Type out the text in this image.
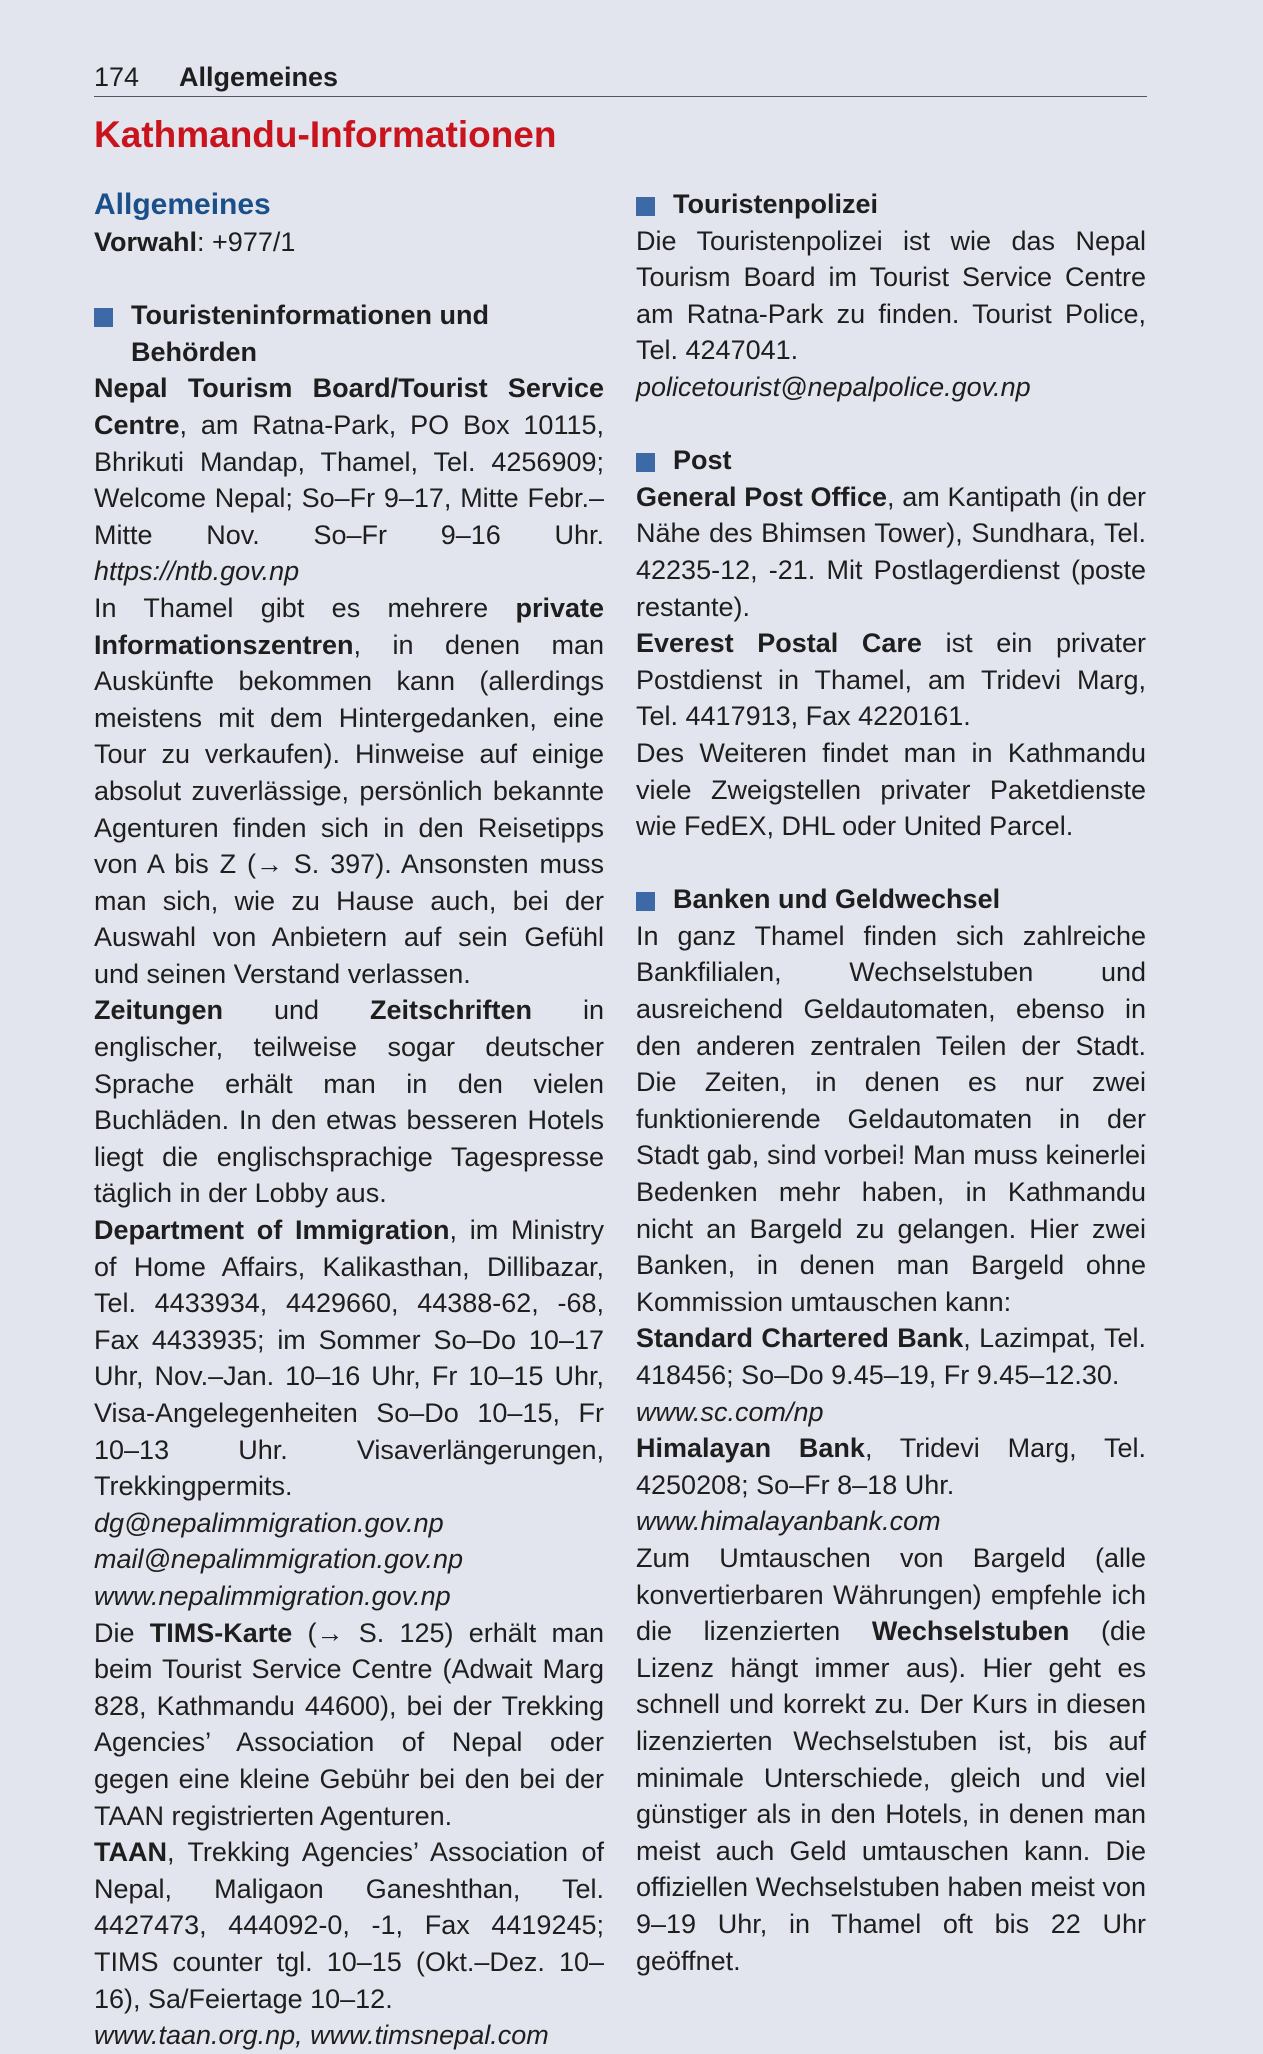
174 Allgemeines
Kathmandu-Informationen

Allgemeines

Vorwahl: +977/1

Touristeninformationen und Behörden

Nepal Tourism Board/Tourist Service Centre, am Ratna-Park, PO Box 10115, Bhrikuti Mandap, Thamel, Tel. 4256909; Welcome Nepal; So–Fr 9–17, Mitte Febr.–Mitte Nov. So–Fr 9–16 Uhr. https://ntb.gov.np

In Thamel gibt es mehrere private Informationszentren, in denen man Auskünfte bekommen kann (allerdings meistens mit dem Hintergedanken, eine Tour zu verkaufen). Hinweise auf einige absolut zuverlässige, persönlich bekannte Agenturen finden sich in den Reisetipps von A bis Z (→ S. 397). Ansonsten muss man sich, wie zu Hause auch, bei der Auswahl von Anbietern auf sein Gefühl und seinen Verstand verlassen.

Zeitungen und Zeitschriften in englischer, teilweise sogar deutscher Sprache erhält man in den vielen Buchläden. In den etwas besseren Hotels liegt die englischsprachige Tagespresse täglich in der Lobby aus.

Department of Immigration, im Ministry of Home Affairs, Kalikasthan, Dillibazar, Tel. 4433934, 4429660, 44388-62, -68, Fax 4433935; im Sommer So–Do 10–17 Uhr, Nov.–Jan. 10–16 Uhr, Fr 10–15 Uhr, Visa-Angelegenheiten So–Do 10–15, Fr 10–13 Uhr. Visaverlängerungen, Trekkingpermits.

dg@nepalimmigration.gov.np
mail@nepalimmigration.gov.np
www.nepalimmigration.gov.np

Die TIMS-Karte (→ S. 125) erhält man beim Tourist Service Centre (Adwait Marg 828, Kathmandu 44600), bei der Trekking Agencies’ Association of Nepal oder gegen eine kleine Gebühr bei den bei der TAAN registrierten Agenturen.

TAAN, Trekking Agencies’ Association of Nepal, Maligaon Ganeshthan, Tel. 4427473, 444092-0, -1, Fax 4419245; TIMS counter tgl. 10–15 (Okt.–Dez. 10–16), Sa/Feiertage 10–12.

www.taan.org.np, www.timsnepal.com

Touristenpolizei

Die Touristenpolizei ist wie das Nepal Tourism Board im Tourist Service Centre am Ratna-Park zu finden. Tourist Police, Tel. 4247041.

policetourist@nepalpolice.gov.np

Post

General Post Office, am Kantipath (in der Nähe des Bhimsen Tower), Sundhara, Tel. 42235-12, -21. Mit Postlagerdienst (poste restante).

Everest Postal Care ist ein privater Postdienst in Thamel, am Tridevi Marg, Tel. 4417913, Fax 4220161.

Des Weiteren findet man in Kathmandu viele Zweigstellen privater Paketdienste wie FedEX, DHL oder United Parcel.

Banken und Geldwechsel

In ganz Thamel finden sich zahlreiche Bankfilialen, Wechselstuben und ausreichend Geldautomaten, ebenso in den anderen zentralen Teilen der Stadt. Die Zeiten, in denen es nur zwei funktionierende Geldautomaten in der Stadt gab, sind vorbei! Man muss keinerlei Bedenken mehr haben, in Kathmandu nicht an Bargeld zu gelangen. Hier zwei Banken, in denen man Bargeld ohne Kommission umtauschen kann:

Standard Chartered Bank, Lazimpat, Tel. 418456; So–Do 9.45–19, Fr 9.45–12.30.

www.sc.com/np

Himalayan Bank, Tridevi Marg, Tel. 4250208; So–Fr 8–18 Uhr.

www.himalayanbank.com

Zum Umtauschen von Bargeld (alle konvertierbaren Währungen) empfehle ich die lizenzierten Wechselstuben (die Lizenz hängt immer aus). Hier geht es schnell und korrekt zu. Der Kurs in diesen lizenzierten Wechselstuben ist, bis auf minimale Unterschiede, gleich und viel günstiger als in den Hotels, in denen man meist auch Geld umtauschen kann. Die offiziellen Wechselstuben haben meist von 9–19 Uhr, in Thamel oft bis 22 Uhr geöffnet.
